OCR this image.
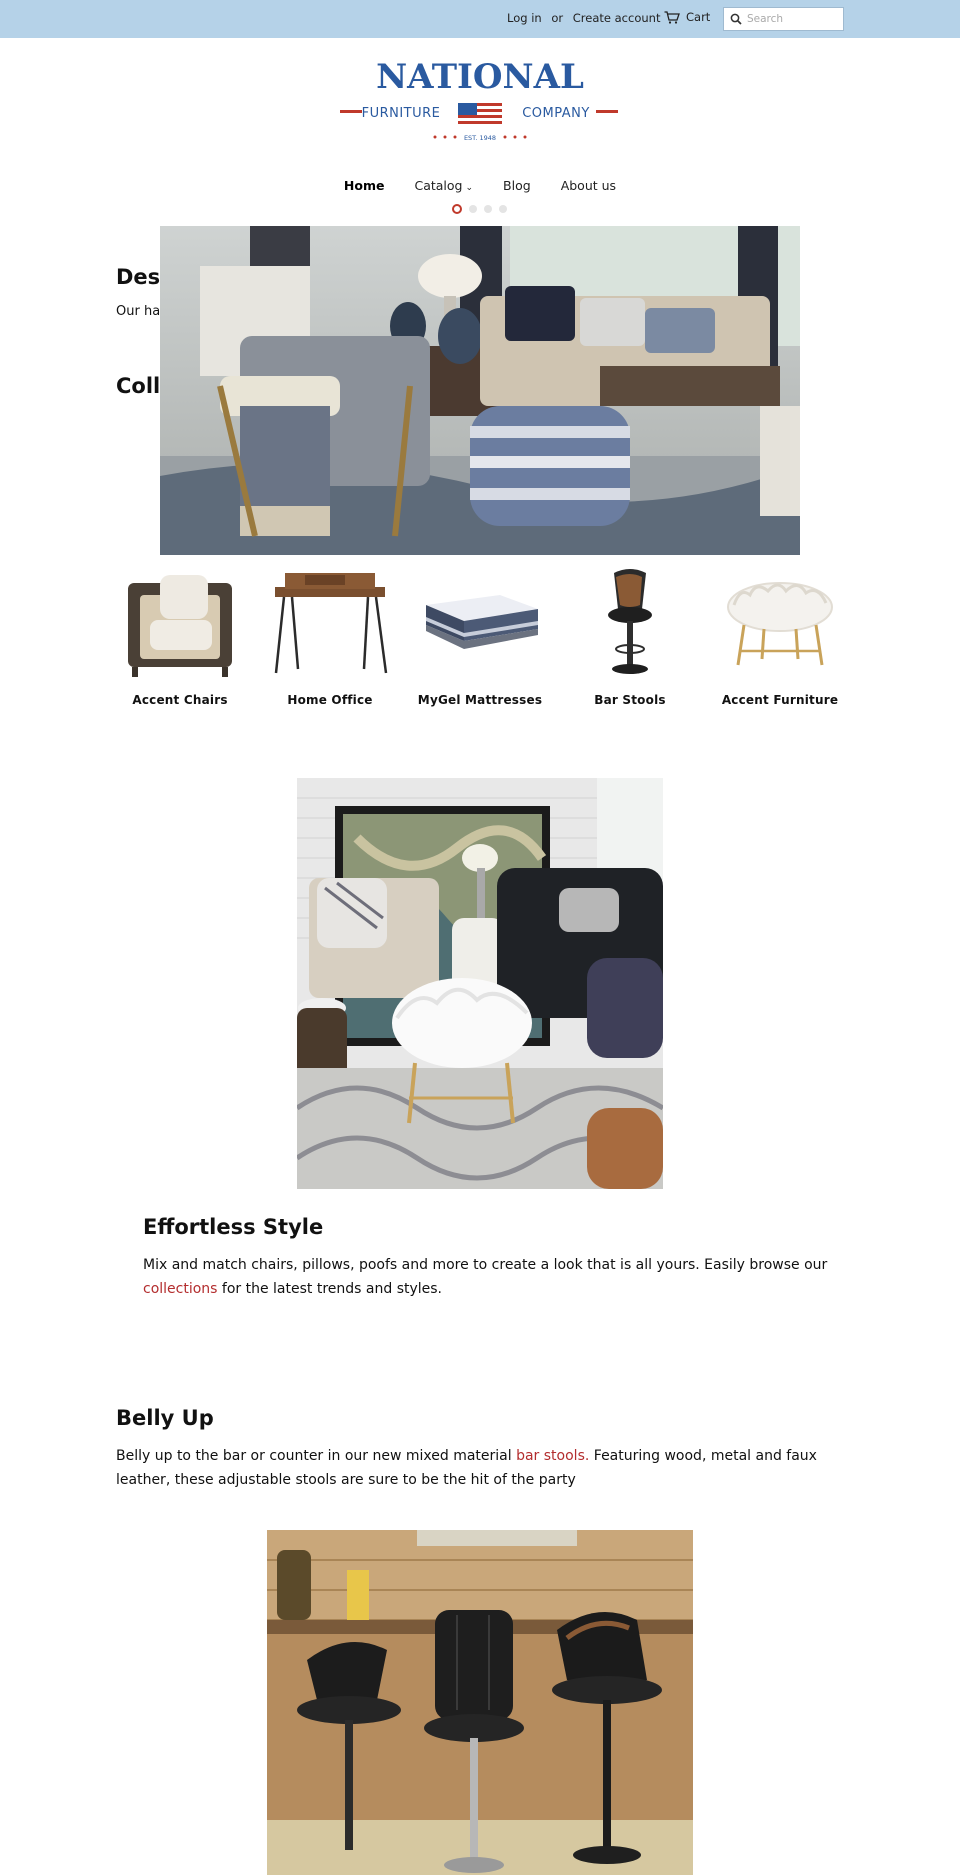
Log in or Create account Cart
Search
NATIONAL
FURNITURE	COMPANY
EST. 1948
Home Catalog ⌄ Blog About us
Des
Our ha
Coll
Accent Chairs	Home Office	MyGel Mattresses	Bar Stools	Accent Furniture
Effortless Style
Mix and match chairs, pillows, poofs and more to create a look that is all yours. Easily browse our collections for the latest trends and styles.
Belly Up
Belly up to the bar or counter in our new mixed material bar stools. Featuring wood, metal and faux leather, these adjustable stools are sure to be the hit of the party
